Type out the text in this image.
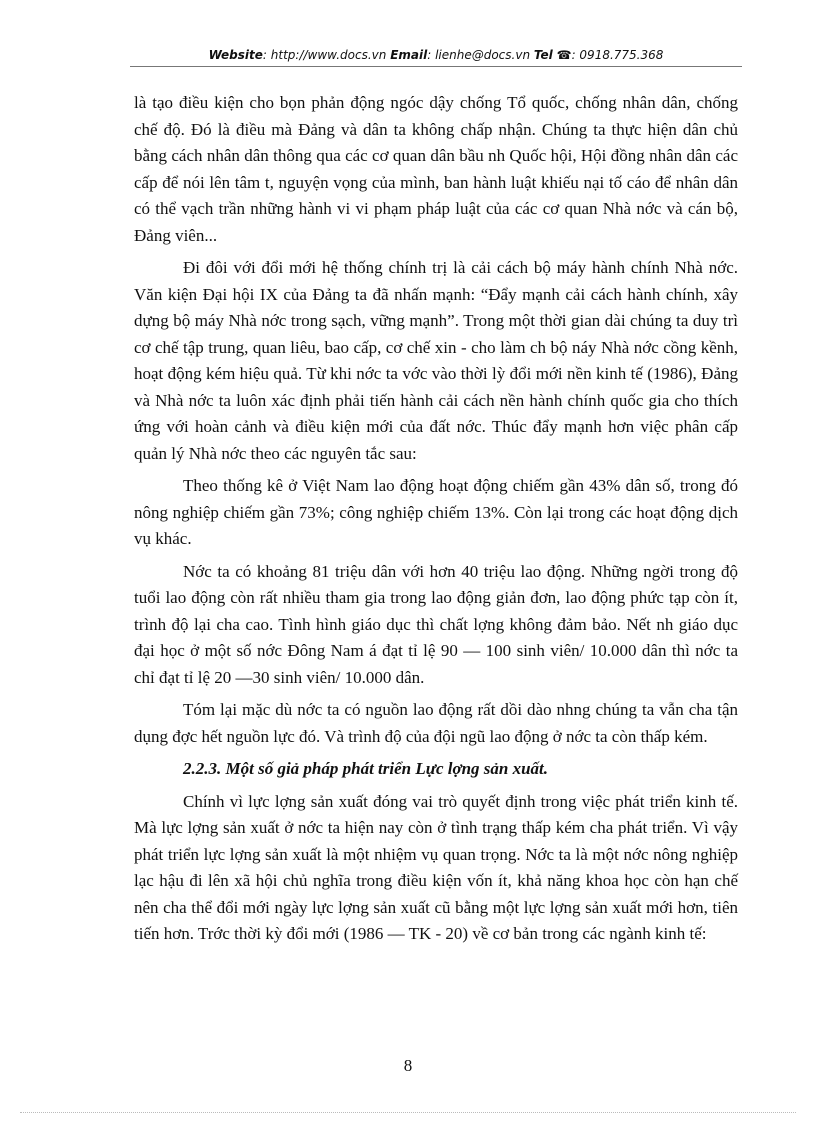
Website: http://www.docs.vn Email: lienhe@docs.vn Tel ☎: 0918.775.368

là tạo điều kiện cho bọn phản động ngóc dậy chống Tổ quốc, chống nhân dân, chống chế độ. Đó là điều mà Đảng và dân ta không chấp nhận. Chúng ta thực hiện dân chủ bằng cách nhân dân thông qua các cơ quan dân bầu nh Quốc hội, Hội đồng nhân dân các cấp để nói lên tâm t, nguyện vọng của mình, ban hành luật khiếu nại tố cáo để nhân dân có thể vạch trần những hành vi vi phạm pháp luật của các cơ quan Nhà nớc và cán bộ, Đảng viên...

Đi đôi với đổi mới hệ thống chính trị là cải cách bộ máy hành chính Nhà nớc. Văn kiện Đại hội IX của Đảng ta đã nhấn mạnh: “Đẩy mạnh cải cách hành chính, xây dựng bộ máy Nhà nớc trong sạch, vững mạnh”. Trong một thời gian dài chúng ta duy trì cơ chế tập trung, quan liêu, bao cấp, cơ chế xin - cho làm ch bộ náy Nhà nớc cồng kềnh, hoạt động kém hiệu quả. Từ khi nớc ta vớc vào thời lỳ đổi mới nền kinh tế (1986), Đảng và Nhà nớc ta luôn xác định phải tiến hành cải cách nền hành chính quốc gia cho thích ứng với hoàn cảnh và điều kiện mới của đất nớc. Thúc đẩy mạnh hơn việc phân cấp quản lý Nhà nớc theo các nguyên tắc sau:

Theo thống kê ở Việt Nam lao động hoạt động chiếm gần 43% dân số, trong đó nông nghiệp chiếm gần 73%; công nghiệp chiếm 13%. Còn lại trong các hoạt động dịch vụ khác.

Nớc ta có khoảng 81 triệu dân với hơn 40 triệu lao động. Những ngời trong độ tuổi lao động còn rất nhiều tham gia trong lao động giản đơn, lao động phức tạp còn ít, trình độ lại cha cao. Tình hình giáo dục thì chất lợng không đảm bảo. Nết nh giáo dục đại học ở một số nớc Đông Nam á đạt tỉ lệ 90 — 100 sinh viên/ 10.000 dân thì nớc ta chỉ đạt tỉ lệ 20 —30 sinh viên/ 10.000 dân.

Tóm lại mặc dù nớc ta có nguồn lao động rất dồi dào nhng chúng ta vẫn cha tận dụng đợc hết nguồn lực đó. Và trình độ của đội ngũ lao động ở nớc ta còn thấp kém.

2.2.3. Một số giả pháp phát triển Lực lợng sản xuất.

Chính vì lực lợng sản xuất đóng vai trò quyết định trong việc phát triển kinh tế. Mà lực lợng sản xuất ở nớc ta hiện nay còn ở tình trạng thấp kém cha phát triển. Vì vậy phát triển lực lợng sản xuất là một nhiệm vụ quan trọng. Nớc ta là một nớc nông nghiệp lạc hậu đi lên xã hội chủ nghĩa trong điều kiện vốn ít, khả năng khoa học còn hạn chế nên cha thể đổi mới ngày lực lợng sản xuất cũ bằng một lực lợng sản xuất mới hơn, tiên tiến hơn. Trớc thời kỳ đổi mới (1986 — TK - 20) về cơ bản trong các ngành kinh tế:

8
